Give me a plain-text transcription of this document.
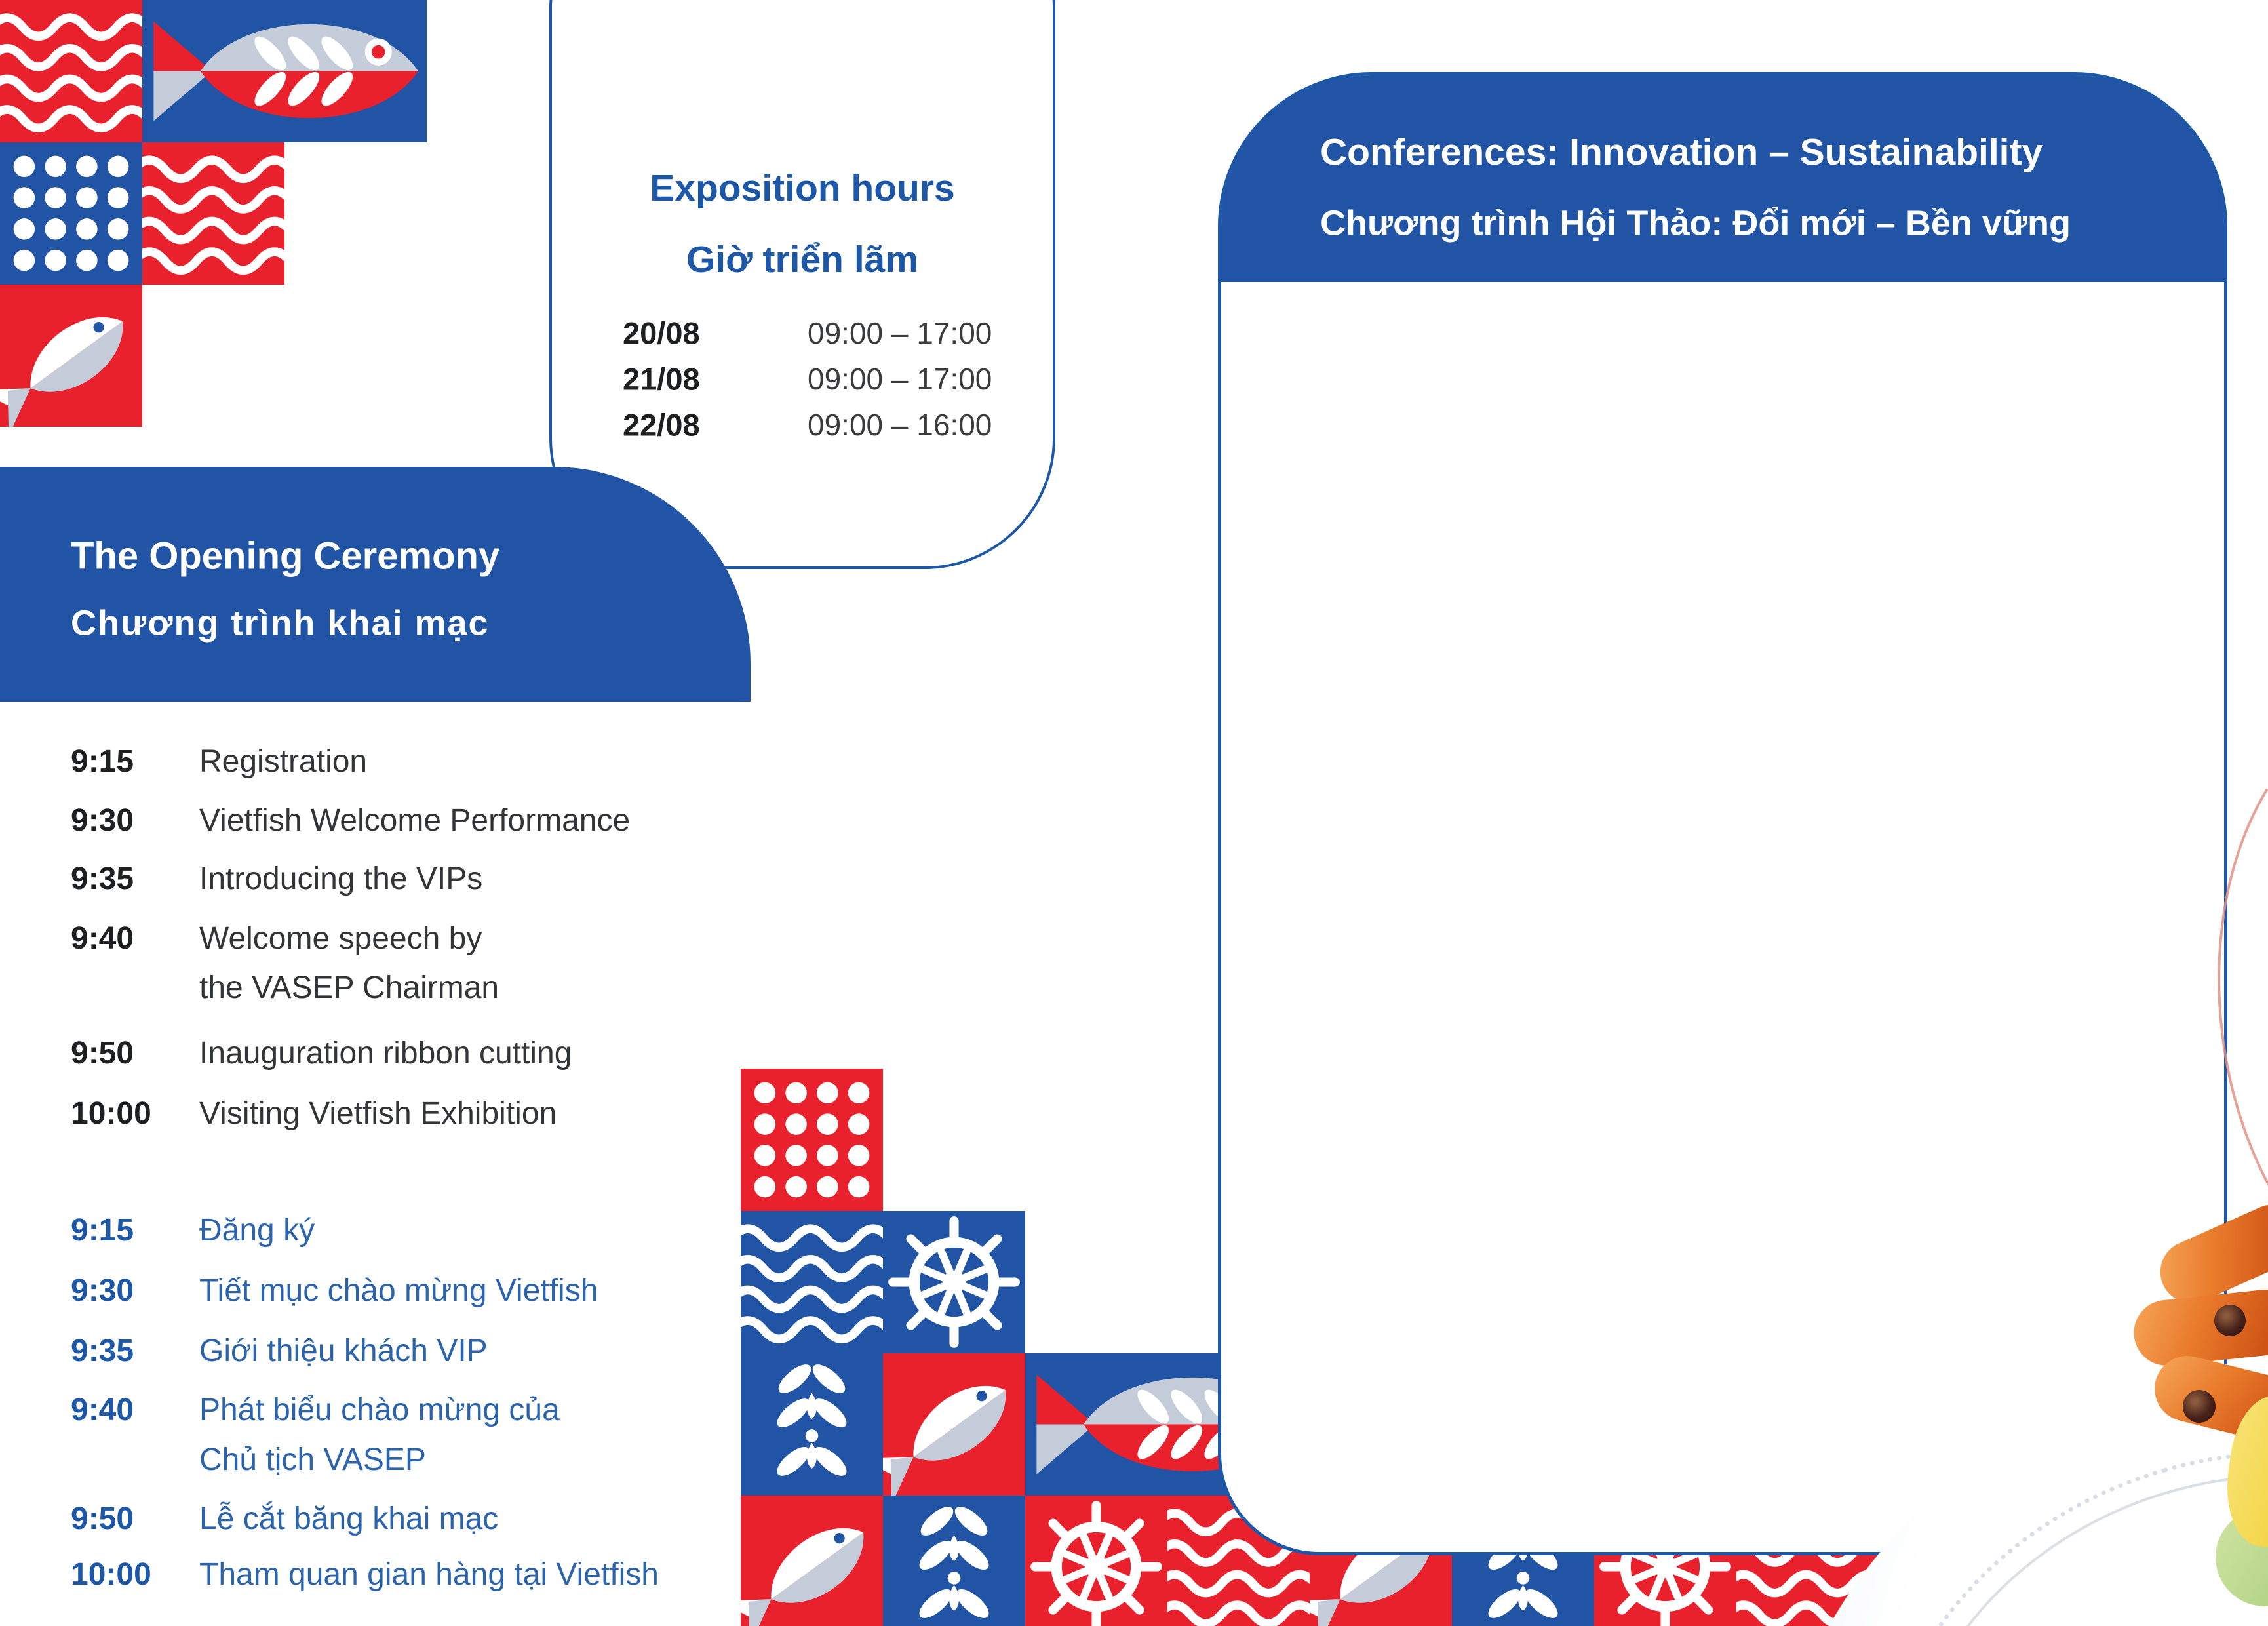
Exposition hours
Giờ triển lãm
The Opening Ceremony
Chương trình khai mạc
Conferences: Innovation – Sustainability
Chương trình Hội Thảo: Đổi mới – Bền vững
20/08	09:00 – 17:00
21/08	09:00 – 17:00
22/08	09:00 – 16:00
9:15 Registration
9:30 Vietfish Welcome Performance
9:35 Introducing the VIPs
9:40 Welcome speech by
the VASEP Chairman
9:50 Inauguration ribbon cutting
10:00 Visiting Vietfish Exhibition
9:15 Đăng ký
9:30 Tiết mục chào mừng Vietfish
9:35 Giới thiệu khách VIP
9:40 Phát biểu chào mừng của
Chủ tịch VASEP
9:50 Lễ cắt băng khai mạc
10:00 Tham quan gian hàng tại Vietfish
